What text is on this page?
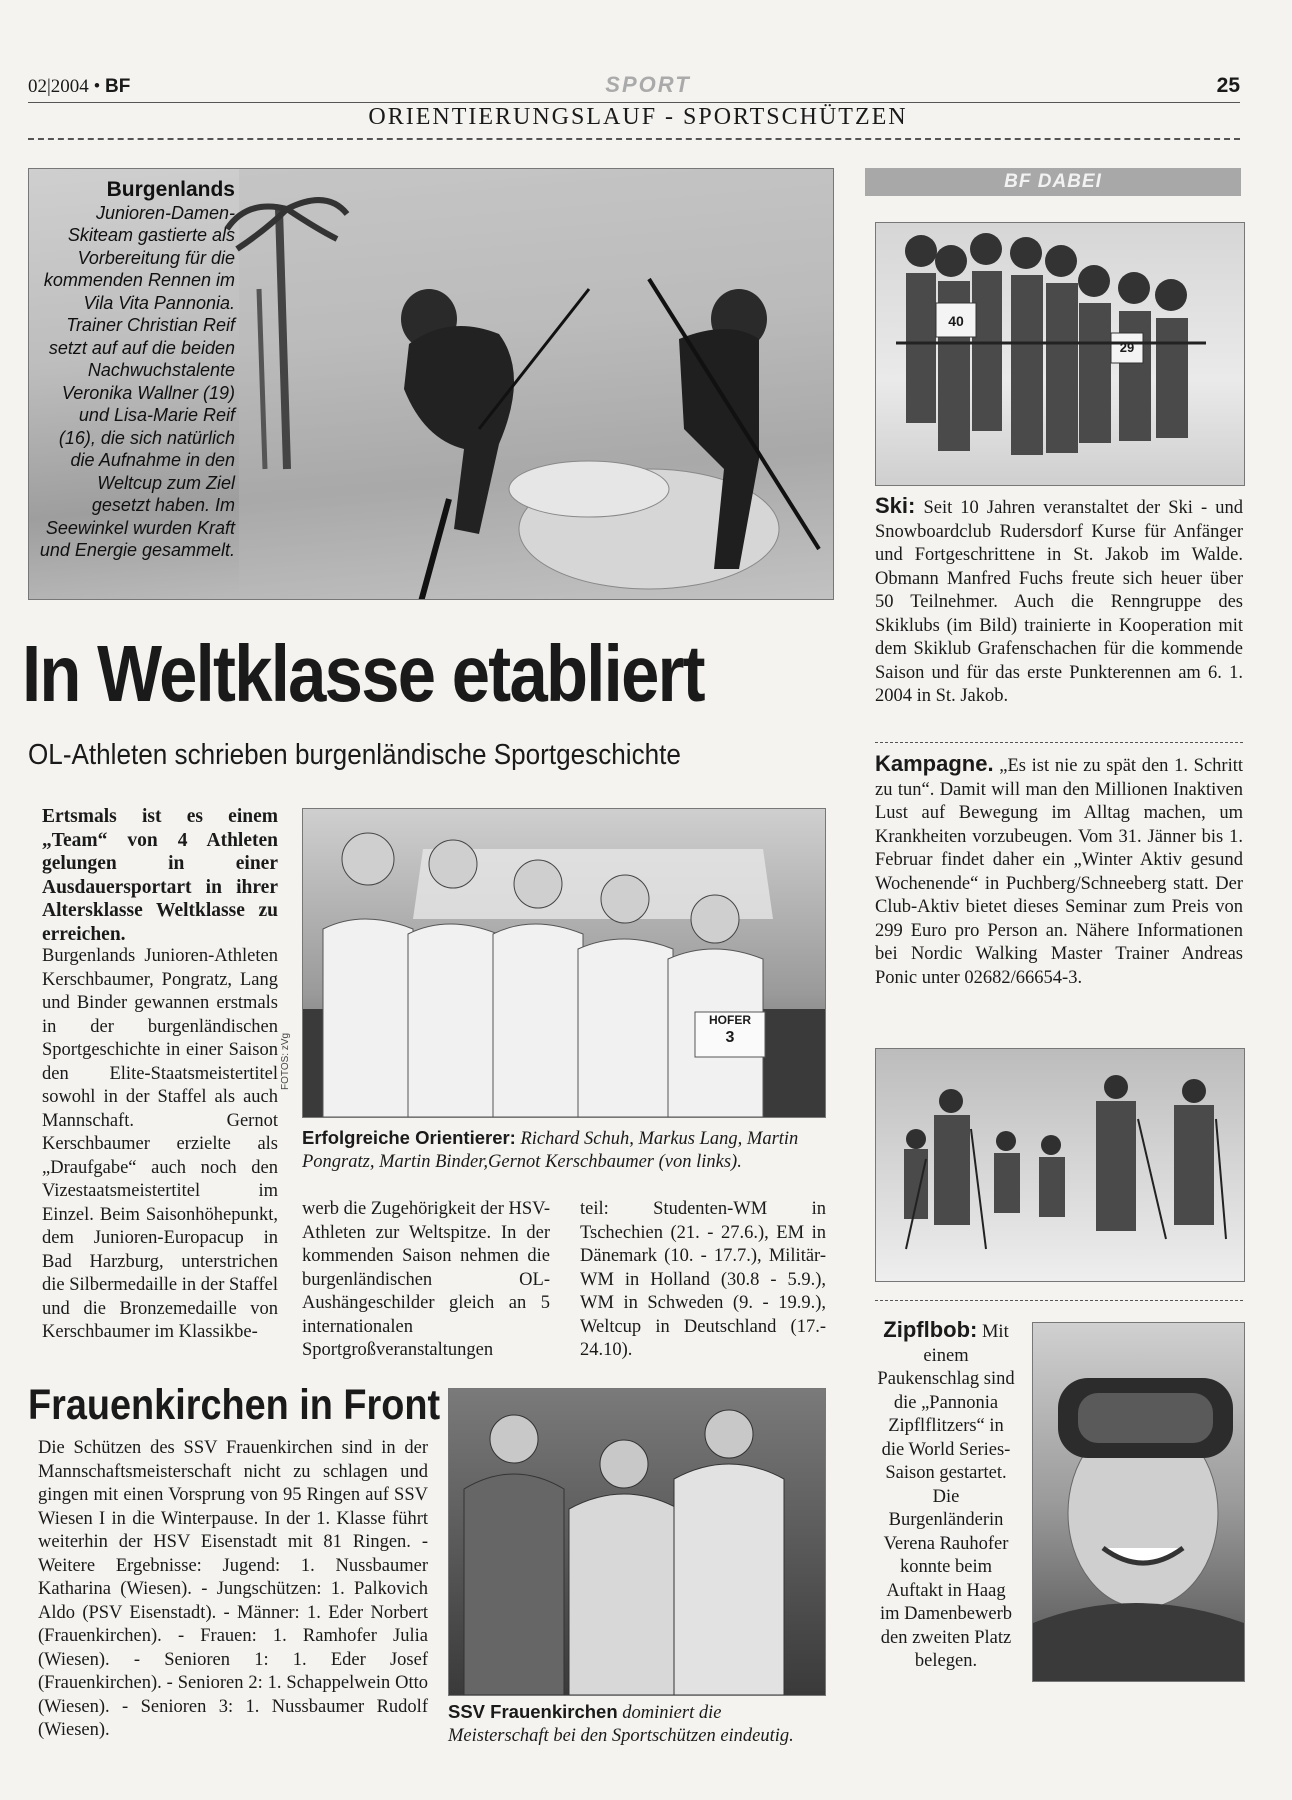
02|2004 • BF	SPORT	25
ORIENTIERUNGSLAUF - SPORTSCHÜTZEN
Burgenlands Junioren-Damen-Skiteam gastierte als Vorbereitung für die kommenden Rennen im Vila Vita Pannonia. Trainer Christian Reif setzt auf auf die beiden Nachwuchstalente Veronika Wallner (19) und Lisa-Marie Reif (16), die sich natürlich die Aufnahme in den Weltcup zum Ziel gesetzt haben. Im Seewinkel wurden Kraft und Energie gesammelt.
In Weltklasse etabliert
OL-Athleten schrieben burgenländische Sportgeschichte
Ertsmals ist es einem „Team“ von 4 Athleten gelungen in einer Ausdauersportart in ihrer Altersklasse Weltklasse zu erreichen.
Burgenlands Junioren-Athleten Kerschbaumer, Pongratz, Lang und Binder gewannen erstmals in der burgenländischen Sportgeschichte in einer Saison den Elite-Staatsmeistertitel sowohl in der Staffel als auch Mannschaft. Gernot Kerschbaumer erzielte als „Draufgabe“ auch noch den Vizestaatsmeistertitel im Einzel. Beim Saisonhöhepunkt, dem Junioren-Europacup in Bad Harzburg, unterstrichen die Silbermedaille in der Staffel und die Bronzemedaille von Kerschbaumer im Klassikbe-
HOFER
3
FOTOS: zVg
Erfolgreiche Orientierer: Richard Schuh, Markus Lang, Martin Pongratz, Martin Binder,Gernot Kerschbaumer (von links).
werb die Zugehörigkeit der HSV-Athleten zur Weltspitze. In der kommenden Saison nehmen die burgenländischen OL-Aushängeschilder gleich an 5 internationalen Sportgroßveranstaltungen
teil: Studenten-WM in Tschechien (21. - 27.6.), EM in Dänemark (10. - 17.7.), Militär-WM in Holland (30.8 - 5.9.), WM in Schweden (9. - 19.9.), Weltcup in Deutschland (17.- 24.10).
Frauenkirchen in Front
Die Schützen des SSV Frauenkirchen sind in der Mannschaftsmeisterschaft nicht zu schlagen und gingen mit einen Vorsprung von 95 Ringen auf SSV Wiesen I in die Winterpause. In der 1. Klasse führt weiterhin der HSV Eisenstadt mit 81 Ringen. - Weitere Ergebnisse: Jugend: 1. Nussbaumer Katharina (Wiesen). - Jungschützen: 1. Palkovich Aldo (PSV Eisenstadt). - Männer: 1. Eder Norbert (Frauenkirchen). - Frauen: 1. Ramhofer Julia (Wiesen). - Senioren 1: 1. Eder Josef (Frauenkirchen). - Senioren 2: 1. Schappelwein Otto (Wiesen). - Senioren 3: 1. Nussbaumer Rudolf (Wiesen).
SSV Frauenkirchen dominiert die Meisterschaft bei den Sportschützen eindeutig.
BF DABEI
40
29
Ski: Seit 10 Jahren veranstaltet der Ski - und Snowboardclub Rudersdorf Kurse für Anfänger und Fortgeschrittene in St. Jakob im Walde. Obmann Manfred Fuchs freute sich heuer über 50 Teilnehmer. Auch die Renngruppe des Skiklubs (im Bild) trainierte in Kooperation mit dem Skiklub Grafenschachen für die kommende Saison und für das erste Punkterennen am 6. 1. 2004 in St. Jakob.
Kampagne. „Es ist nie zu spät den 1. Schritt zu tun“. Damit will man den Millionen Inaktiven Lust auf Bewegung im Alltag machen, um Krankheiten vorzubeugen. Vom 31. Jänner bis 1. Februar findet daher ein „Winter Aktiv gesund Wochenende“ in Puchberg/Schneeberg statt. Der Club-Aktiv bietet dieses Seminar zum Preis von 299 Euro pro Person an. Nähere Informationen bei Nordic Walking Master Trainer Andreas Ponic unter 02682/66654-3.
Zipflbob: Mit einem Paukenschlag sind die „Pannonia Zipflflitzers“ in die World Series-Saison gestartet. Die Burgenländerin Verena Rauhofer konnte beim Auftakt in Haag im Damenbewerb den zweiten Platz belegen.
